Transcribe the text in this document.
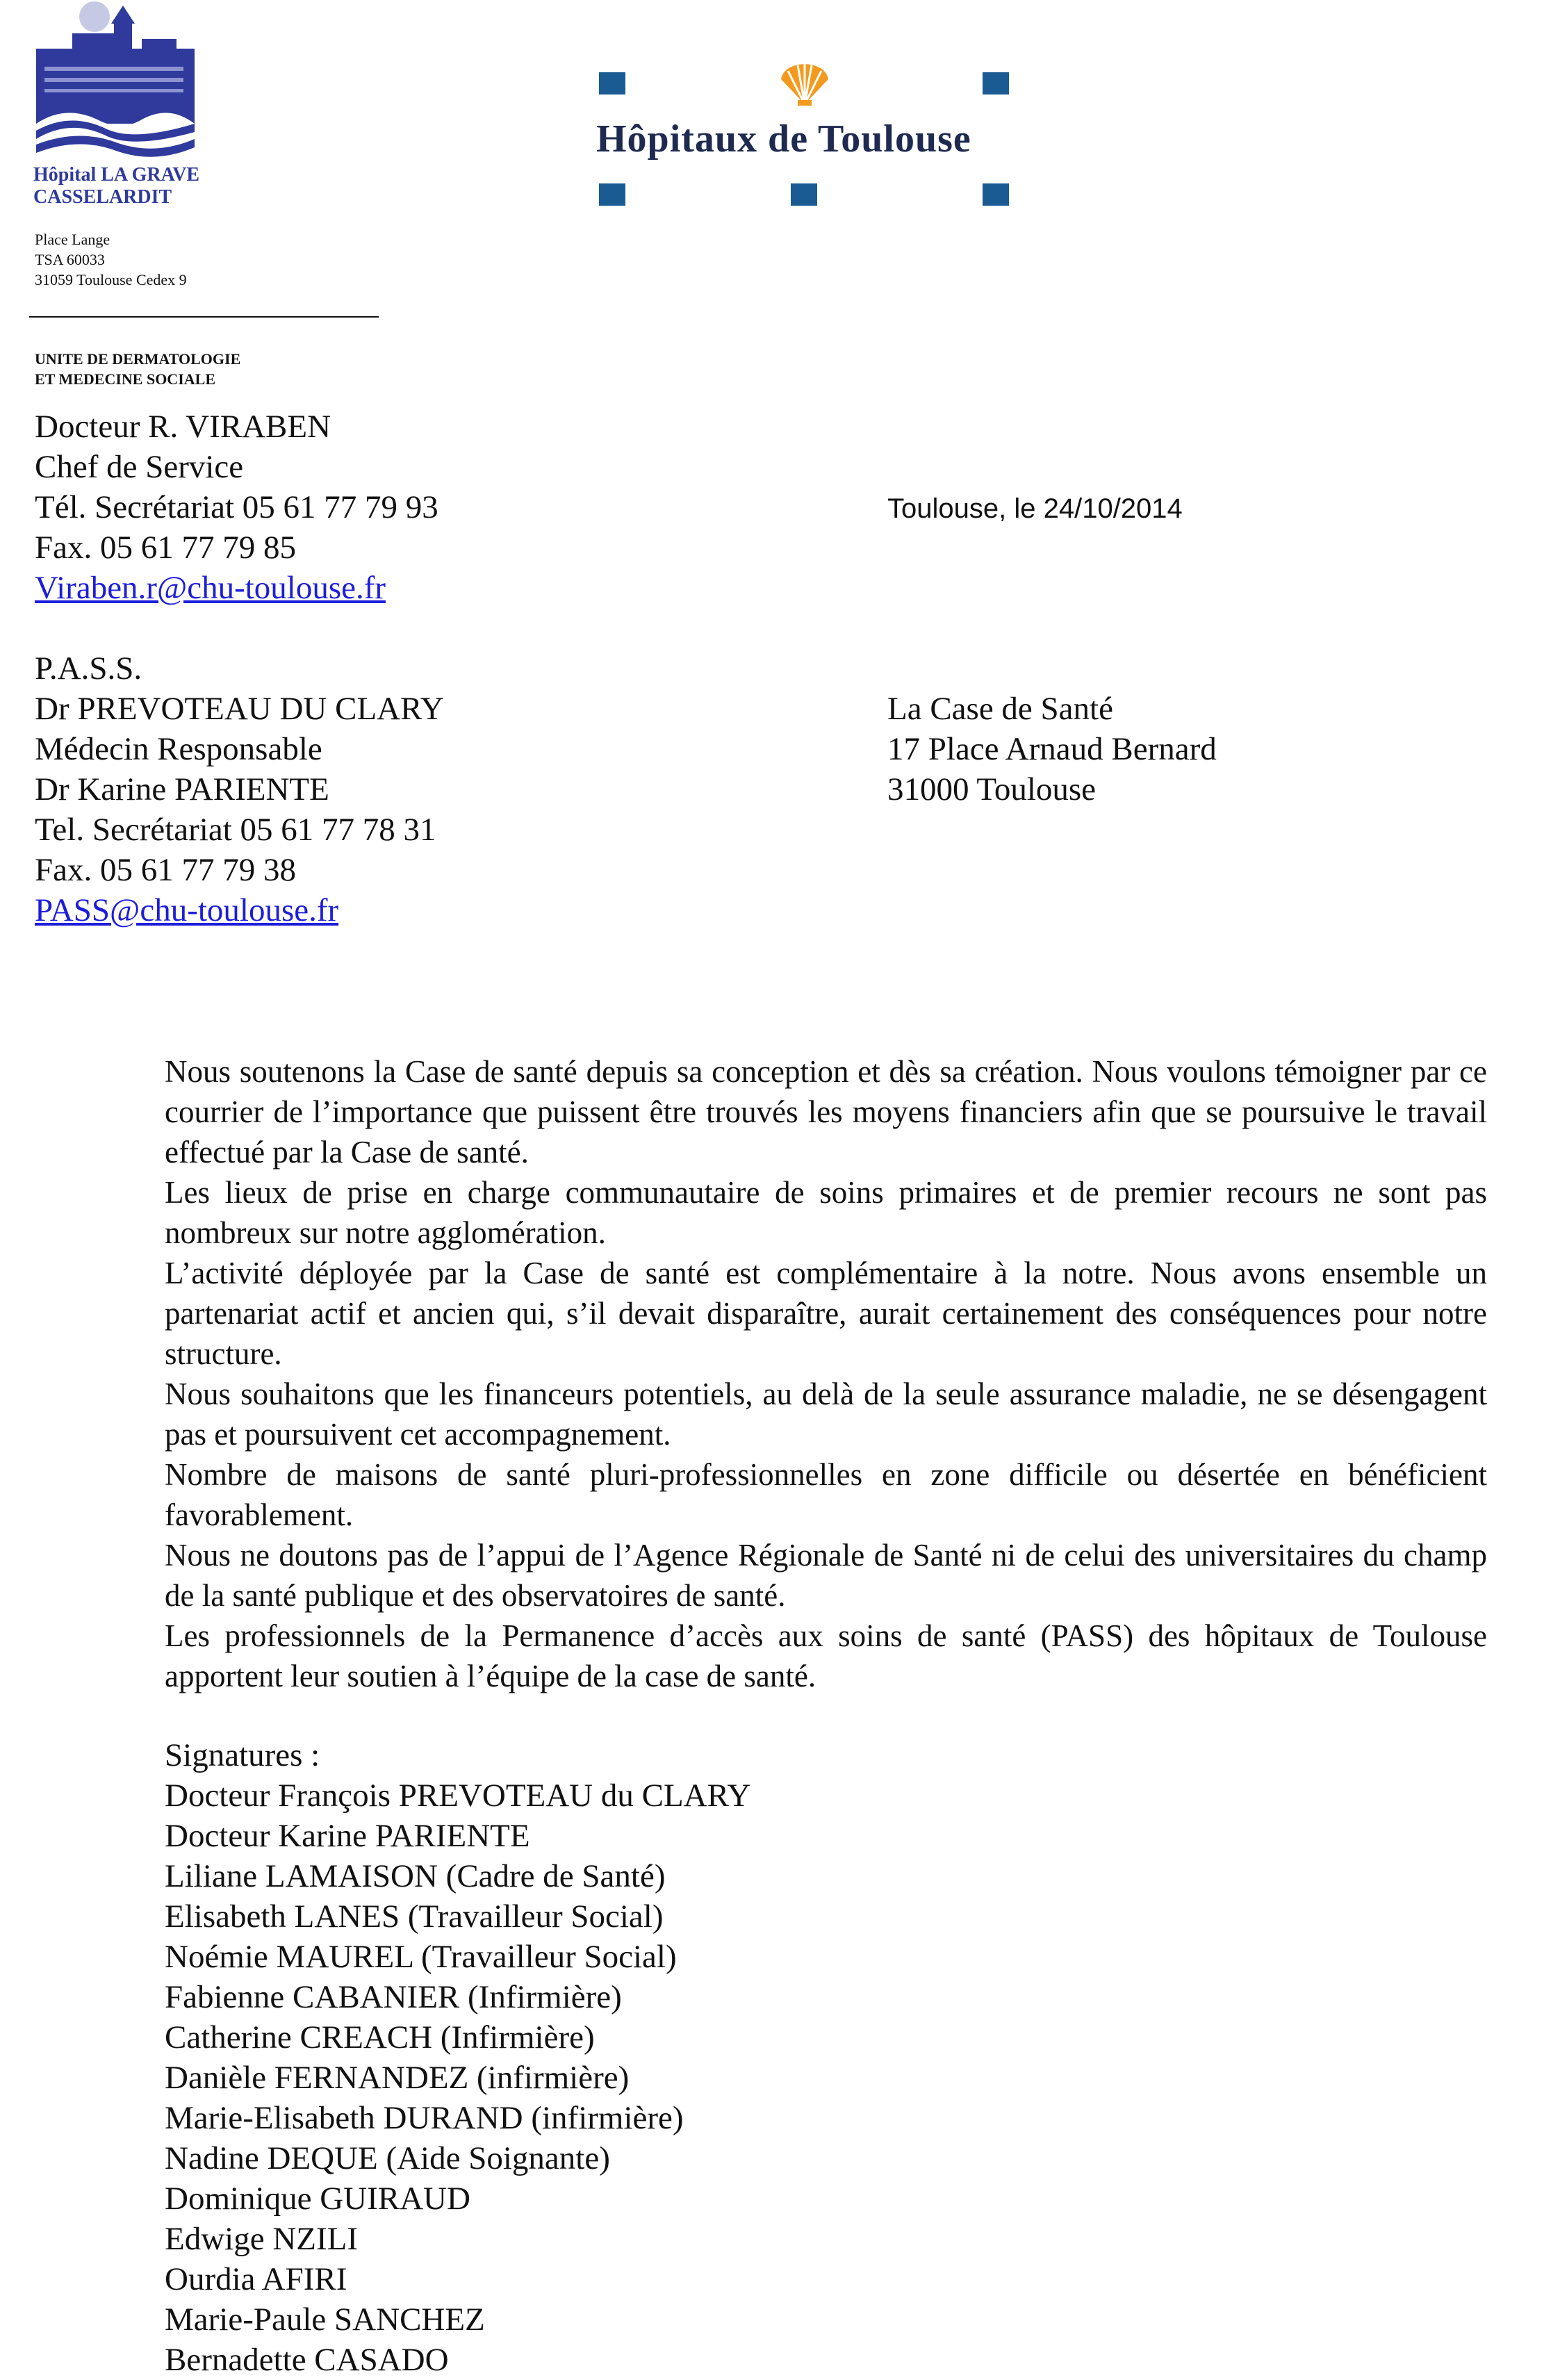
Hôpital LA GRAVE
CASSELARDIT
Hôpitaux de Toulouse
Place Lange
TSA 60033
31059 Toulouse Cedex 9
UNITE DE DERMATOLOGIE
ET MEDECINE SOCIALE
Docteur R. VIRABEN
Chef de Service
Tél. Secrétariat 05 61 77 79 93
Fax. 05 61 77 79 85
Viraben.r@chu-toulouse.fr
Toulouse, le 24/10/2014
P.A.S.S.
Dr PREVOTEAU DU CLARY
Médecin Responsable
Dr Karine PARIENTE
Tel. Secrétariat 05 61 77 78 31
Fax. 05 61 77 79 38
PASS@chu-toulouse.fr
La Case de Santé
17 Place Arnaud Bernard
31000 Toulouse

Nous soutenons la Case de santé depuis sa conception et dès sa création. Nous voulons témoigner par ce courrier de l’importance que puissent être trouvés les moyens financiers afin que se poursuive le travail effectué par la Case de santé.

Les lieux de prise en charge communautaire de soins primaires et de premier recours ne sont pas nombreux sur notre agglomération.

L’activité déployée par la Case de santé est complémentaire à la notre. Nous avons ensemble un partenariat actif et ancien qui, s’il devait disparaître, aurait certainement des conséquences pour notre structure.

Nous souhaitons que les financeurs potentiels, au delà de la seule assurance maladie, ne se désengagent pas et poursuivent cet accompagnement.

Nombre de maisons de santé pluri-professionnelles en zone difficile ou désertée en bénéficient favorablement.

Nous ne doutons pas de l’appui de l’Agence Régionale de Santé ni de celui des universitaires du champ de la santé publique et des observatoires de santé.

Les professionnels de la Permanence d’accès aux soins de santé (PASS) des hôpitaux de Toulouse apportent leur soutien à l’équipe de la case de santé.

Signatures :
Docteur François PREVOTEAU du CLARY
Docteur Karine PARIENTE
Liliane LAMAISON (Cadre de Santé)
Elisabeth LANES (Travailleur Social)
Noémie MAUREL (Travailleur Social)
Fabienne CABANIER (Infirmière)
Catherine CREACH (Infirmière)
Danièle FERNANDEZ (infirmière)
Marie-Elisabeth DURAND (infirmière)
Nadine DEQUE (Aide Soignante)
Dominique GUIRAUD
Edwige NZILI
Ourdia AFIRI
Marie-Paule SANCHEZ
Bernadette CASADO
